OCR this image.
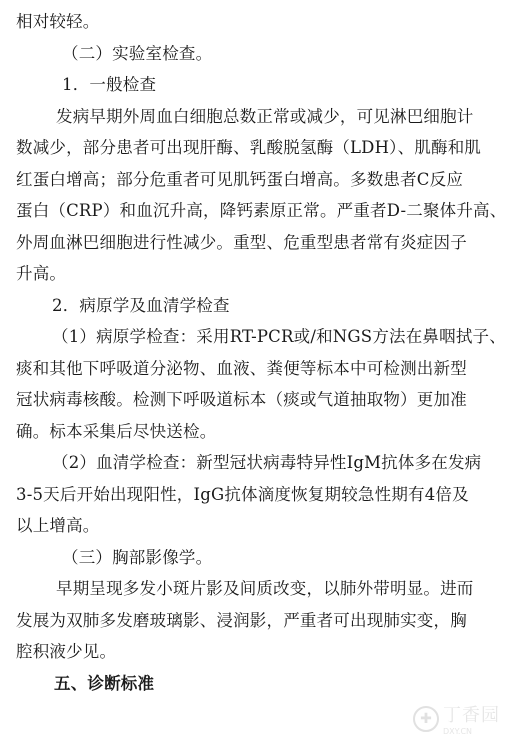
相对较轻。
（二）实验室检查。
1．一般检查
发病早期外周血白细胞总数正常或减少，可见淋巴细胞计
数减少，部分患者可出现肝酶、乳酸脱氢酶（LDH）、肌酶和肌
红蛋白增高；部分危重者可见肌钙蛋白增高。多数患者C反应
蛋白（CRP）和血沉升高，降钙素原正常。严重者D-二聚体升高、
外周血淋巴细胞进行性减少。重型、危重型患者常有炎症因子
升高。
2．病原学及血清学检查
（1）病原学检查：采用RT-PCR或/和NGS方法在鼻咽拭子、
痰和其他下呼吸道分泌物、血液、粪便等标本中可检测出新型
冠状病毒核酸。检测下呼吸道标本（痰或气道抽取物）更加准
确。标本采集后尽快送检。
（2）血清学检查：新型冠状病毒特异性IgM抗体多在发病
3-5天后开始出现阳性，IgG抗体滴度恢复期较急性期有4倍及
以上增高。
（三）胸部影像学。
早期呈现多发小斑片影及间质改变，以肺外带明显。进而
发展为双肺多发磨玻璃影、浸润影，严重者可出现肺实变，胸
腔积液少见。
五、诊断标准
✚ 丁香园
DXY.CN
